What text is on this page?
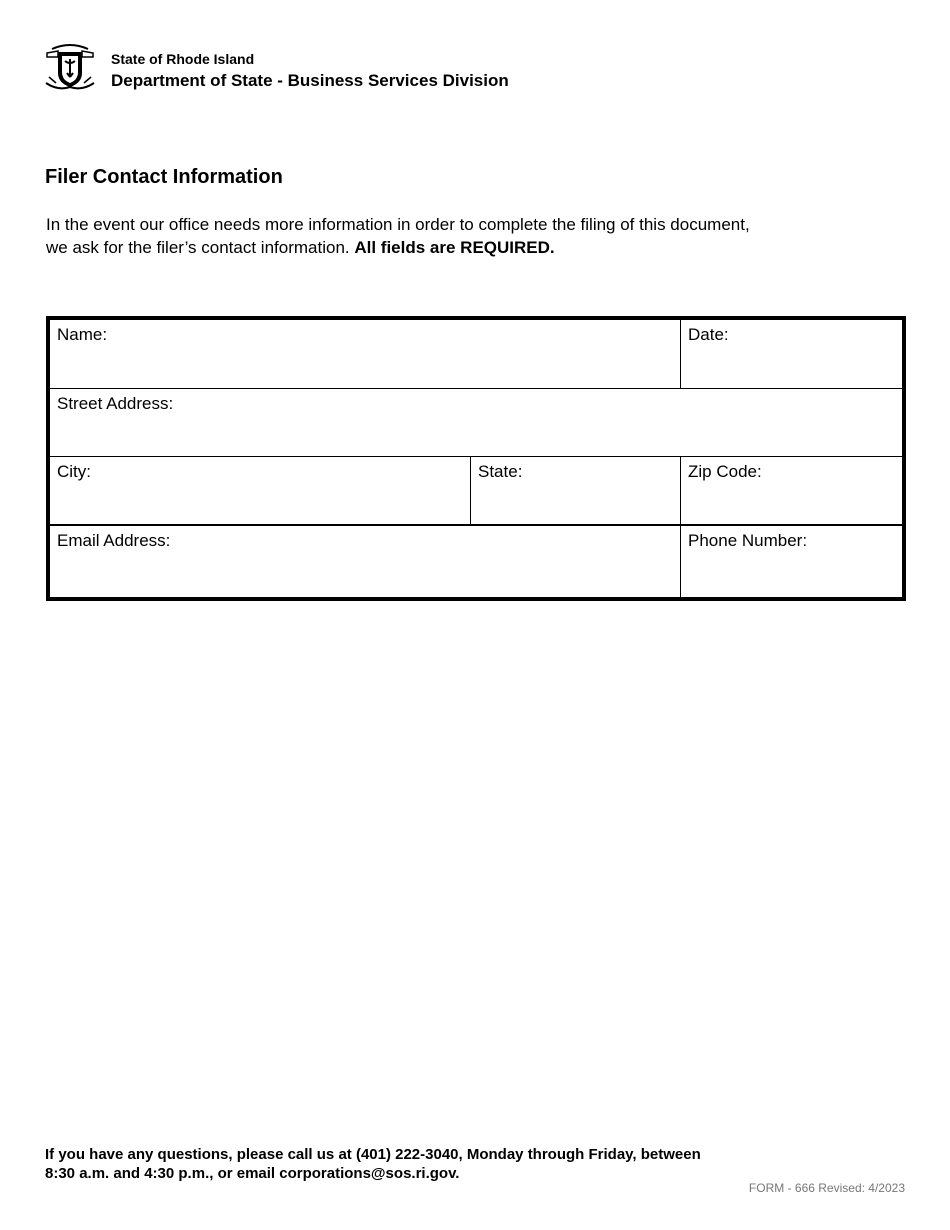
State of Rhode Island
Department of State - Business Services Division
Filer Contact Information
In the event our office needs more information in order to complete the filing of this document, we ask for the filer’s contact information. All fields are REQUIRED.
Name:	Date:
Street Address:
City:	State:	Zip Code:
Email Address:	Phone Number:
If you have any questions, please call us at (401) 222-3040, Monday through Friday, between 8:30 a.m. and 4:30 p.m., or email corporations@sos.ri.gov.
FORM - 666 Revised: 4/2023
